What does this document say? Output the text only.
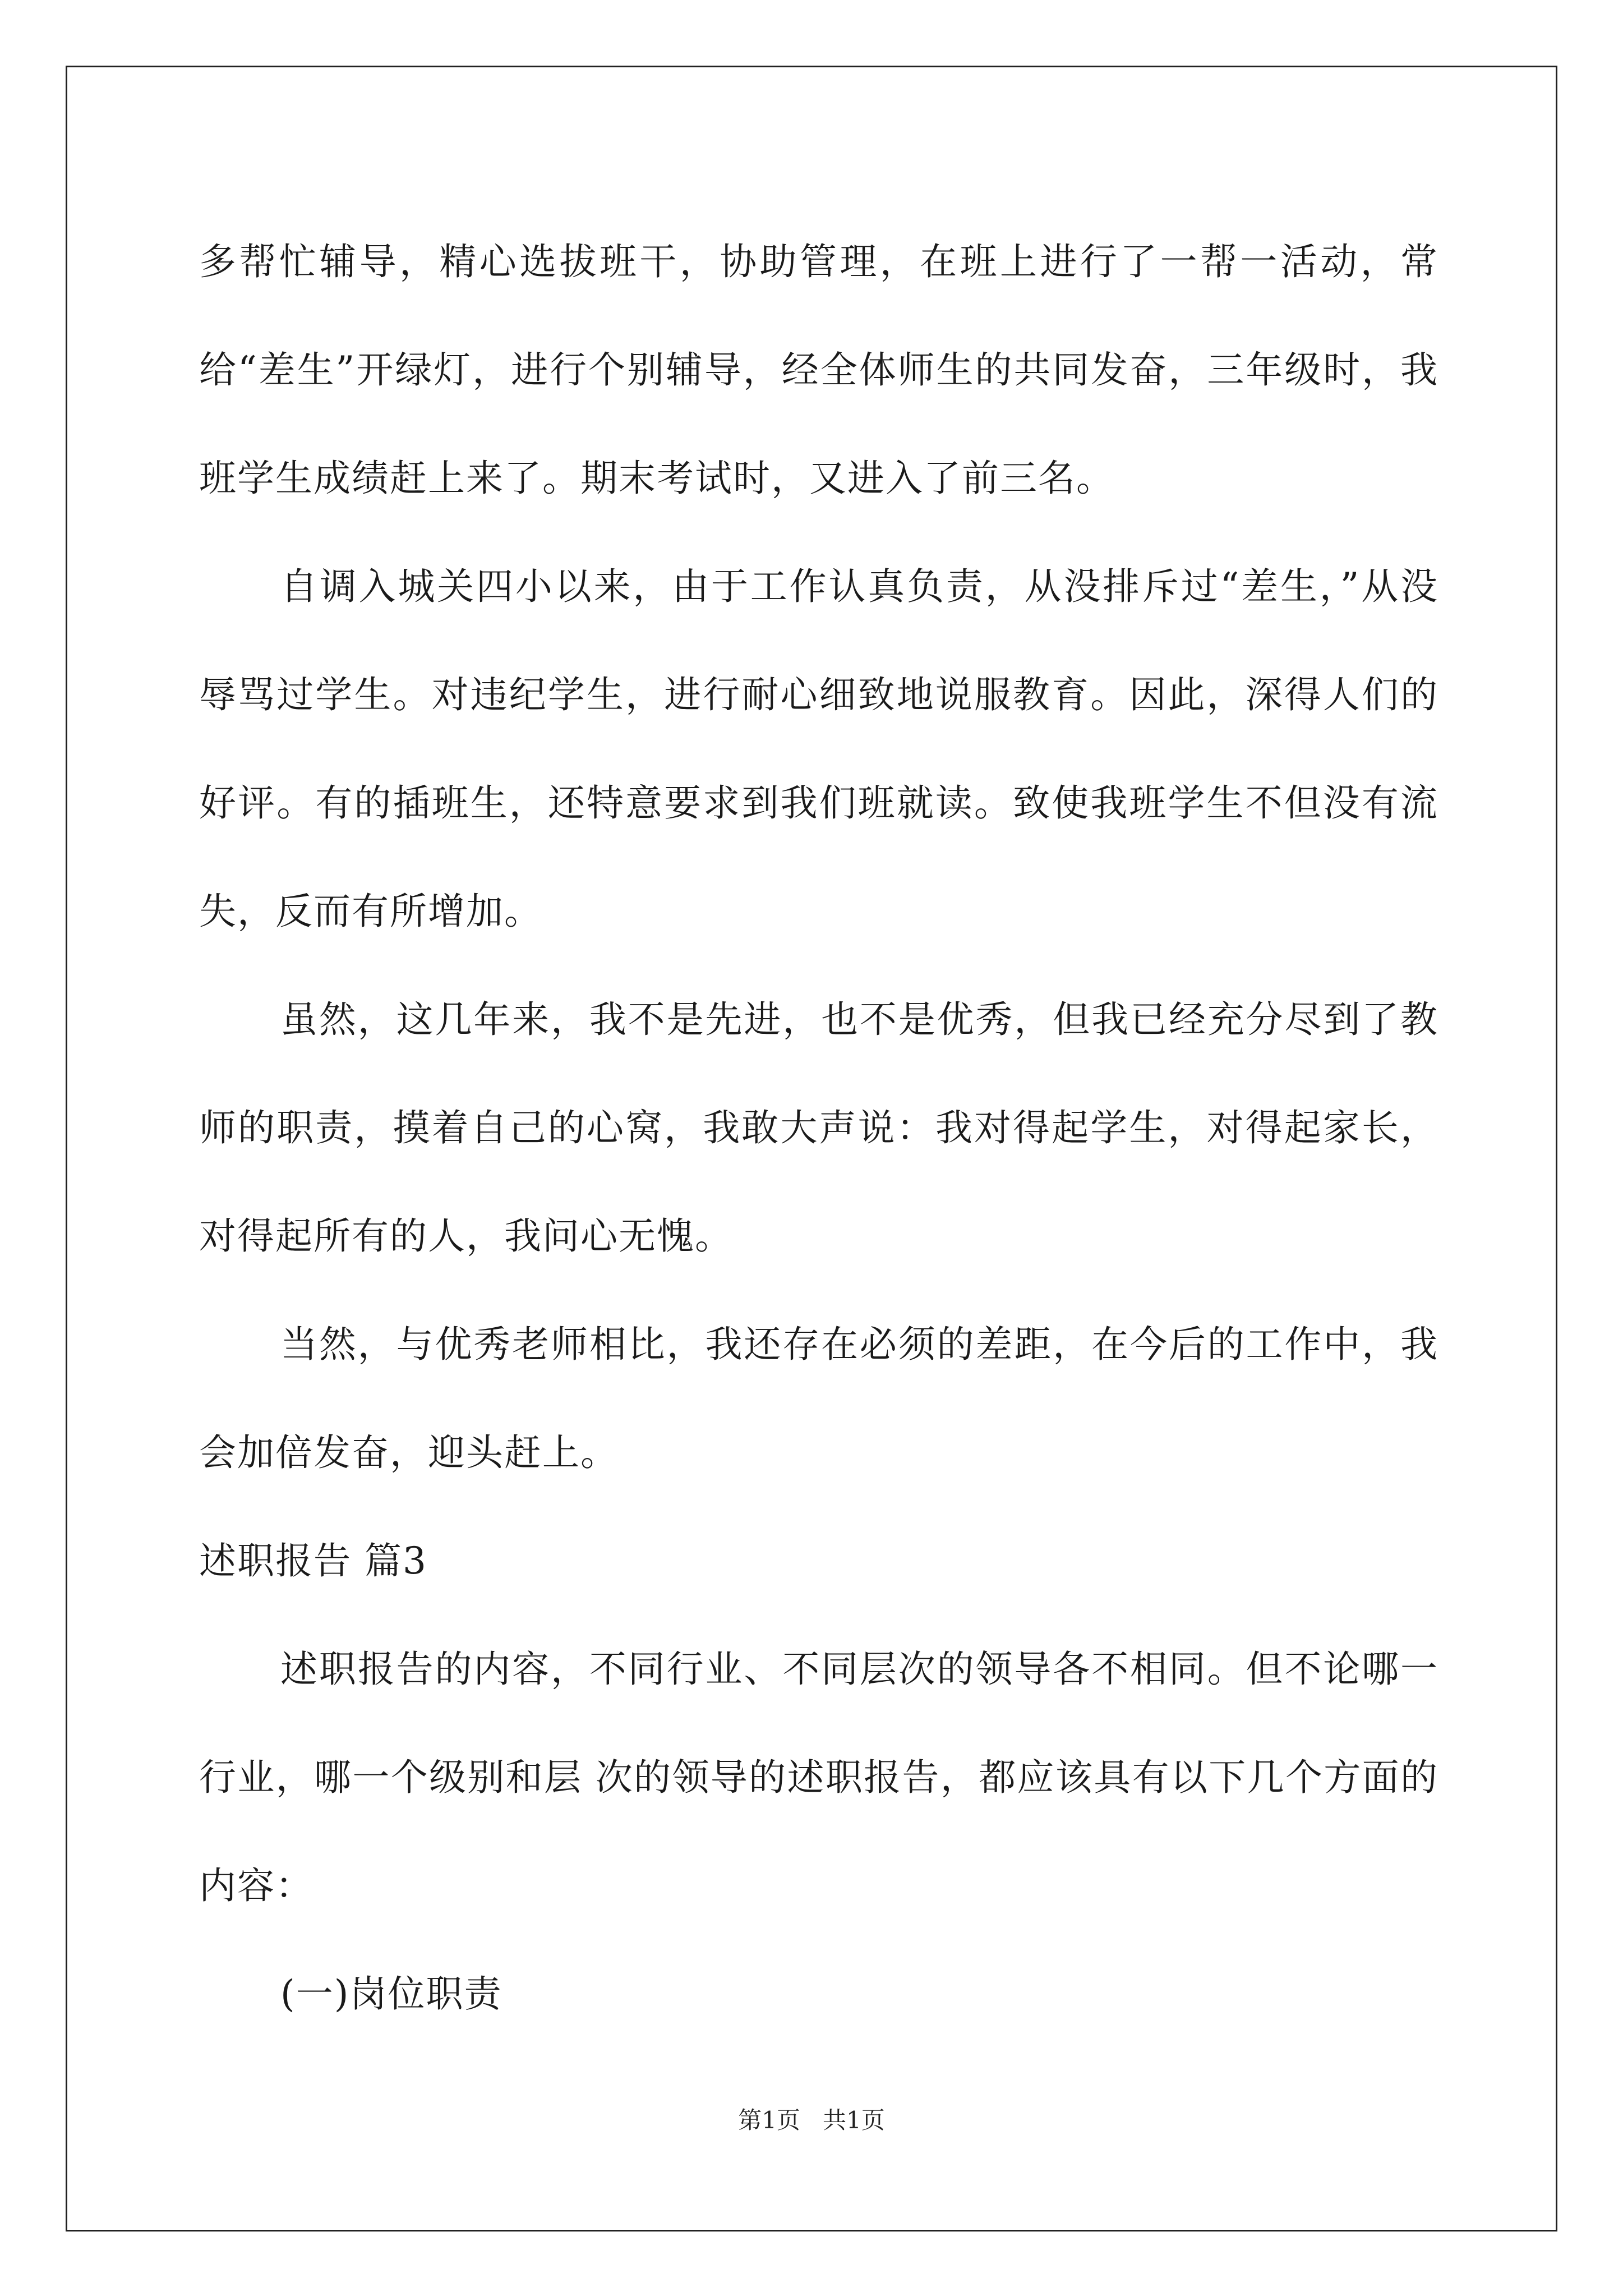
多帮忙辅导，精心选拔班干，协助管理，在班上进行了一帮一活动，常给“差生”开绿灯，进行个别辅导，经全体师生的共同发奋，三年级时，我班学生成绩赶上来了。期末考试时，又进入了前三名。

自调入城关四小以来，由于工作认真负责，从没排斥过“差生，”从没辱骂过学生。对违纪学生，进行耐心细致地说服教育。因此，深得人们的好评。有的插班生，还特意要求到我们班就读。致使我班学生不但没有流失，反而有所增加。

虽然，这几年来，我不是先进，也不是优秀，但我已经充分尽到了教师的职责，摸着自己的心窝，我敢大声说：我对得起学生，对得起家长，对得起所有的人，我问心无愧。

当然，与优秀老师相比，我还存在必须的差距，在今后的工作中，我会加倍发奋，迎头赶上。

述职报告 篇3

述职报告的内容，不同行业、不同层次的领导各不相同。但不论哪一行业，哪一个级别和层 次的领导的述职报告，都应该具有以下几个方面的内容：

(一)岗位职责

第1页 共1页
